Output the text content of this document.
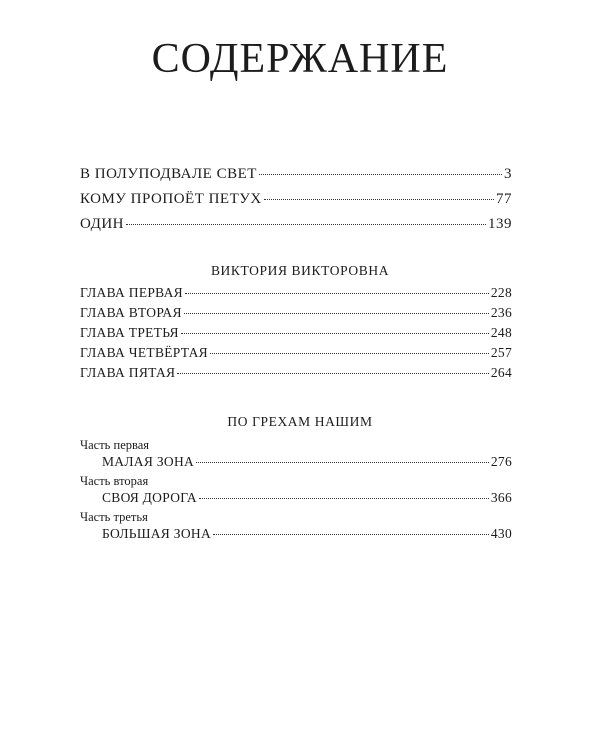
СОДЕРЖАНИЕ
В ПОЛУПОДВАЛЕ СВЕТ	3
КОМУ ПРОПОЁТ ПЕТУХ	77
ОДИН	139
ВИКТОРИЯ ВИКТОРОВНА
ГЛАВА ПЕРВАЯ	228
ГЛАВА ВТОРАЯ	236
ГЛАВА ТРЕТЬЯ	248
ГЛАВА ЧЕТВЁРТАЯ	257
ГЛАВА ПЯТАЯ	264
ПО ГРЕХАМ НАШИМ
Часть первая
МАЛАЯ ЗОНА	276
Часть вторая
СВОЯ ДОРОГА	366
Часть третья
БОЛЬШАЯ ЗОНА	430
